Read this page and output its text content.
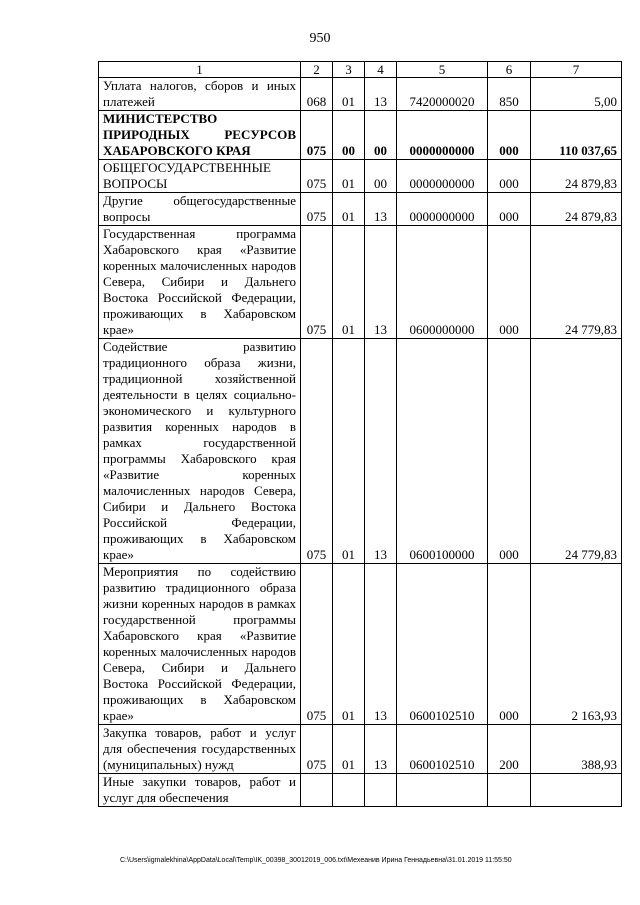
950
1	2	3	4	5	6	7
Уплата налогов, сборов и иных платежей	068	01	13	7420000020	850	5,00
МИНИСТЕРСТВО ПРИРОДНЫХ РЕСУРСОВ ХАБАРОВСКОГО КРАЯ	075	00	00	0000000000	000	110 037,65
ОБЩЕГОСУДАРСТВЕННЫЕ ВОПРОСЫ	075	01	00	0000000000	000	24 879,83
Другие общегосударственные вопросы	075	01	13	0000000000	000	24 879,83
Государственная программа Хабаровского края «Развитие коренных малочисленных народов Севера, Сибири и Дальнего Востока Российской Федерации, проживающих в Хабаровском крае»	075	01	13	0600000000	000	24 779,83
Содействие развитию традиционного образа жизни, традиционной хозяйственной деятельности в целях социально-экономического и культурного развития коренных народов в рамках государственной программы Хабаровского края «Развитие коренных малочисленных народов Севера, Сибири и Дальнего Востока Российской Федерации, проживающих в Хабаровском крае»	075	01	13	0600100000	000	24 779,83
Мероприятия по содействию развитию традиционного образа жизни коренных народов в рамках государственной программы Хабаровского края «Развитие коренных малочисленных народов Севера, Сибири и Дальнего Востока Российской Федерации, проживающих в Хабаровском крае»	075	01	13	0600102510	000	2 163,93
Закупка товаров, работ и услуг для обеспечения государственных (муниципальных) нужд	075	01	13	0600102510	200	388,93
Иные закупки товаров, работ и услуг для обеспечения						
C:\Users\igmalekhina\AppData\Local\Temp\IK_00398_30012019_006.txt\Мехеанив Ирина Геннадьевна\31.01.2019 11:55:50
